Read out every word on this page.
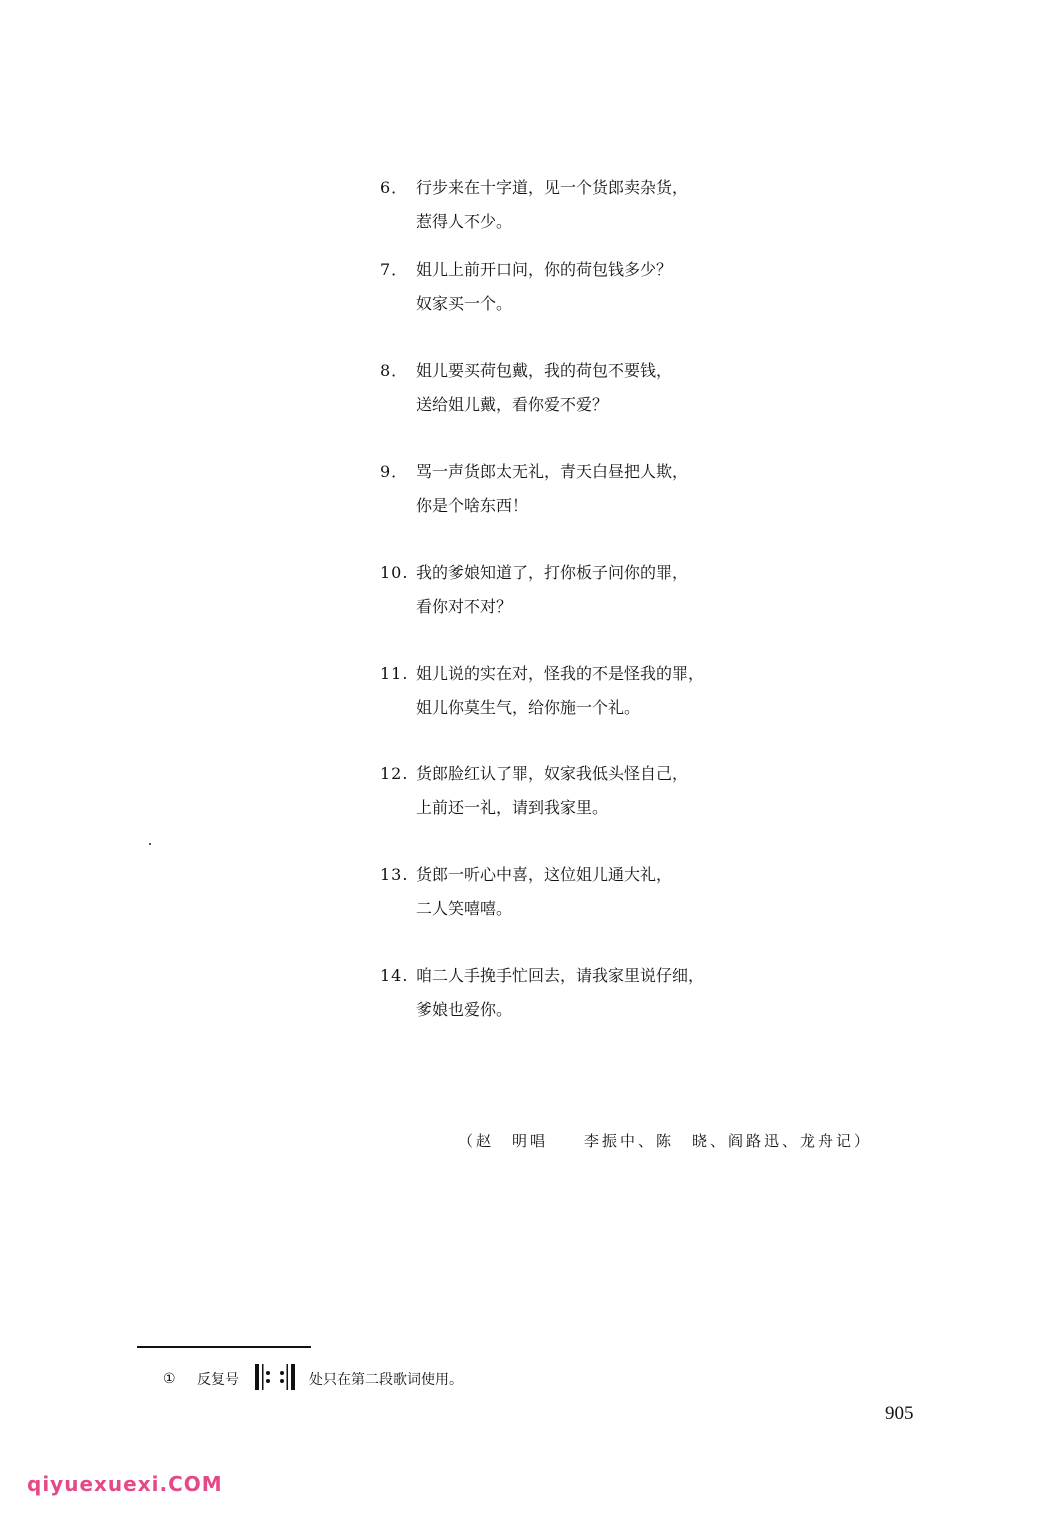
6． 行步来在十字道，见一个货郎卖杂货，
惹得人不少。
7． 姐儿上前开口问，你的荷包钱多少？
奴家买一个。
8． 姐儿要买荷包戴，我的荷包不要钱，
送给姐儿戴，看你爱不爱？
9． 骂一声货郎太无礼，青天白昼把人欺，
你是个啥东西！
10. 我的爹娘知道了，打你板子问你的罪，
看你对不对？
11. 姐儿说的实在对，怪我的不是怪我的罪，
姐儿你莫生气，给你施一个礼。
12. 货郎脸红认了罪，奴家我低头怪自己，
上前还一礼，请到我家里。
13. 货郎一听心中喜，这位姐儿通大礼，
二人笑嘻嘻。
14. 咱二人手挽手忙回去，请我家里说仔细，
爹娘也爱你。
（赵　明唱 李振中、陈　晓、阎路迅、龙舟记）
①	反复号	处只在第二段歌词使用。
905
qiyuexuexi.COM
